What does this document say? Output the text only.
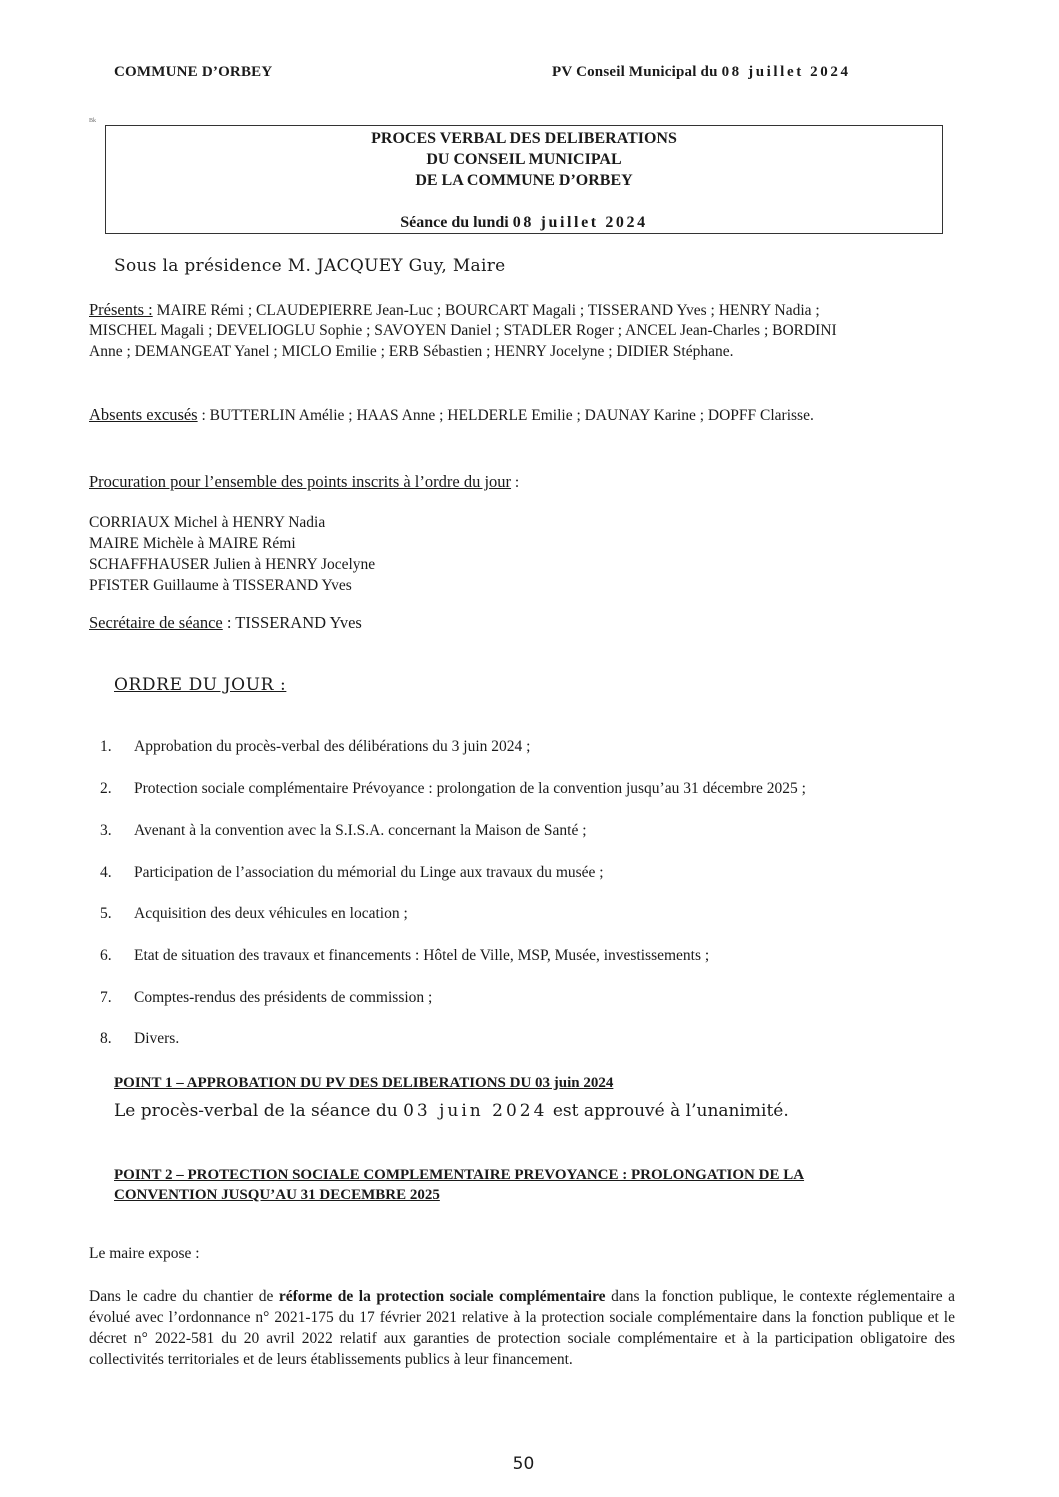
COMMUNE D’ORBEY	PV Conseil Municipal du 08 juillet 2024
Bk
PROCES VERBAL DES DELIBERATIONS
DU CONSEIL MUNICIPAL
DE LA COMMUNE D’ORBEY
Séance du lundi 08 juillet 2024
Sous la présidence M. JACQUEY Guy, Maire
Présents : MAIRE Rémi ; CLAUDEPIERRE Jean-Luc ; BOURCART Magali ; TISSERAND Yves ; HENRY Nadia ;
MISCHEL Magali ; DEVELIOGLU Sophie ; SAVOYEN Daniel ; STADLER Roger ; ANCEL Jean-Charles ; BORDINI
Anne ; DEMANGEAT Yanel ; MICLO Emilie ; ERB Sébastien ; HENRY Jocelyne ; DIDIER Stéphane.
Absents excusés : BUTTERLIN Amélie ; HAAS Anne ; HELDERLE Emilie ; DAUNAY Karine ; DOPFF Clarisse.
Procuration pour l’ensemble des points inscrits à l’ordre du jour :
CORRIAUX Michel à HENRY Nadia
MAIRE Michèle à MAIRE Rémi
SCHAFFHAUSER Julien à HENRY Jocelyne
PFISTER Guillaume à TISSERAND Yves
Secrétaire de séance : TISSERAND Yves
ORDRE DU JOUR :
1. Approbation du procès-verbal des délibérations du 3 juin 2024 ;
2. Protection sociale complémentaire Prévoyance : prolongation de la convention jusqu’au 31 décembre 2025 ;
3. Avenant à la convention avec la S.I.S.A. concernant la Maison de Santé ;
4. Participation de l’association du mémorial du Linge aux travaux du musée ;
5. Acquisition des deux véhicules en location ;
6. Etat de situation des travaux et financements : Hôtel de Ville, MSP, Musée, investissements ;
7. Comptes-rendus des présidents de commission ;
8. Divers.
POINT 1 – APPROBATION DU PV DES DELIBERATIONS DU 03 juin 2024
Le procès-verbal de la séance du 03 juin 2024 est approuvé à l’unanimité.
POINT 2 – PROTECTION SOCIALE COMPLEMENTAIRE PREVOYANCE : PROLONGATION DE LA
CONVENTION JUSQU’AU 31 DECEMBRE 2025
Le maire expose :
Dans le cadre du chantier de réforme de la protection sociale complémentaire dans la fonction publique, le contexte réglementaire a évolué avec l’ordonnance n° 2021-175 du 17 février 2021 relative à la protection sociale complémentaire dans la fonction publique et le décret n° 2022-581 du 20 avril 2022 relatif aux garanties de protection sociale complémentaire et à la participation obligatoire des collectivités territoriales et de leurs établissements publics à leur financement.
50
